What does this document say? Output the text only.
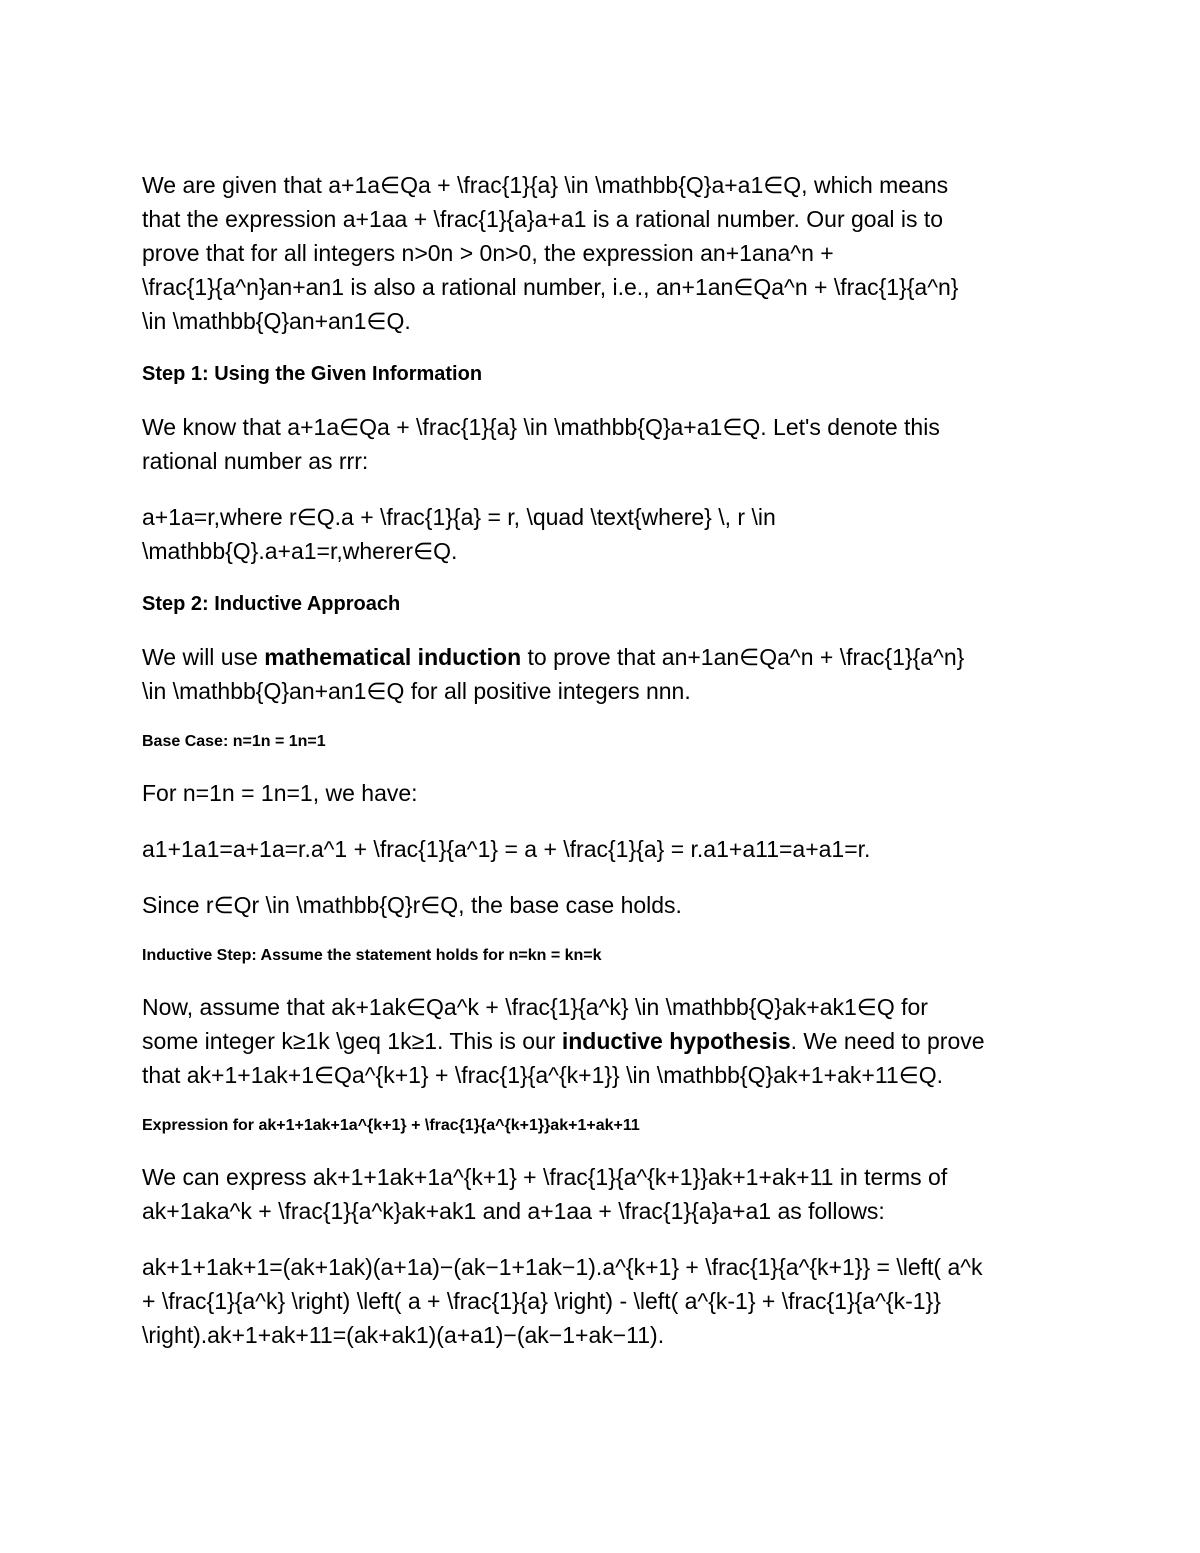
We are given that a+1a∈Qa + \frac{1}{a} \in \mathbb{Q}a+a1∈Q, which means
that the expression a+1aa + \frac{1}{a}a+a1 is a rational number. Our goal is to
prove that for all integers n>0n > 0n>0, the expression an+1ana^n +
\frac{1}{a^n}an+an1 is also a rational number, i.e., an+1an∈Qa^n + \frac{1}{a^n}
\in \mathbb{Q}an+an1∈Q.
Step 1: Using the Given Information
We know that a+1a∈Qa + \frac{1}{a} \in \mathbb{Q}a+a1∈Q. Let's denote this
rational number as rrr:
a+1a=r,where r∈Q.a + \frac{1}{a} = r, \quad \text{where} \, r \in
\mathbb{Q}.a+a1=r,wherer∈Q.
Step 2: Inductive Approach
We will use mathematical induction to prove that an+1an∈Qa^n + \frac{1}{a^n}
\in \mathbb{Q}an+an1∈Q for all positive integers nnn.
Base Case: n=1n = 1n=1
For n=1n = 1n=1, we have:
a1+1a1=a+1a=r.a^1 + \frac{1}{a^1} = a + \frac{1}{a} = r.a1+a11=a+a1=r.
Since r∈Qr \in \mathbb{Q}r∈Q, the base case holds.
Inductive Step: Assume the statement holds for n=kn = kn=k
Now, assume that ak+1ak∈Qa^k + \frac{1}{a^k} \in \mathbb{Q}ak+ak1∈Q for
some integer k≥1k \geq 1k≥1. This is our inductive hypothesis. We need to prove
that ak+1+1ak+1∈Qa^{k+1} + \frac{1}{a^{k+1}} \in \mathbb{Q}ak+1+ak+11∈Q.
Expression for ak+1+1ak+1a^{k+1} + \frac{1}{a^{k+1}}ak+1+ak+11
We can express ak+1+1ak+1a^{k+1} + \frac{1}{a^{k+1}}ak+1+ak+11 in terms of
ak+1aka^k + \frac{1}{a^k}ak+ak1 and a+1aa + \frac{1}{a}a+a1 as follows:
ak+1+1ak+1=(ak+1ak)(a+1a)−(ak−1+1ak−1).a^{k+1} + \frac{1}{a^{k+1}} = \left( a^k
+ \frac{1}{a^k} \right) \left( a + \frac{1}{a} \right) - \left( a^{k-1} + \frac{1}{a^{k-1}}
\right).ak+1+ak+11=(ak+ak1)(a+a1)−(ak−1+ak−11).
